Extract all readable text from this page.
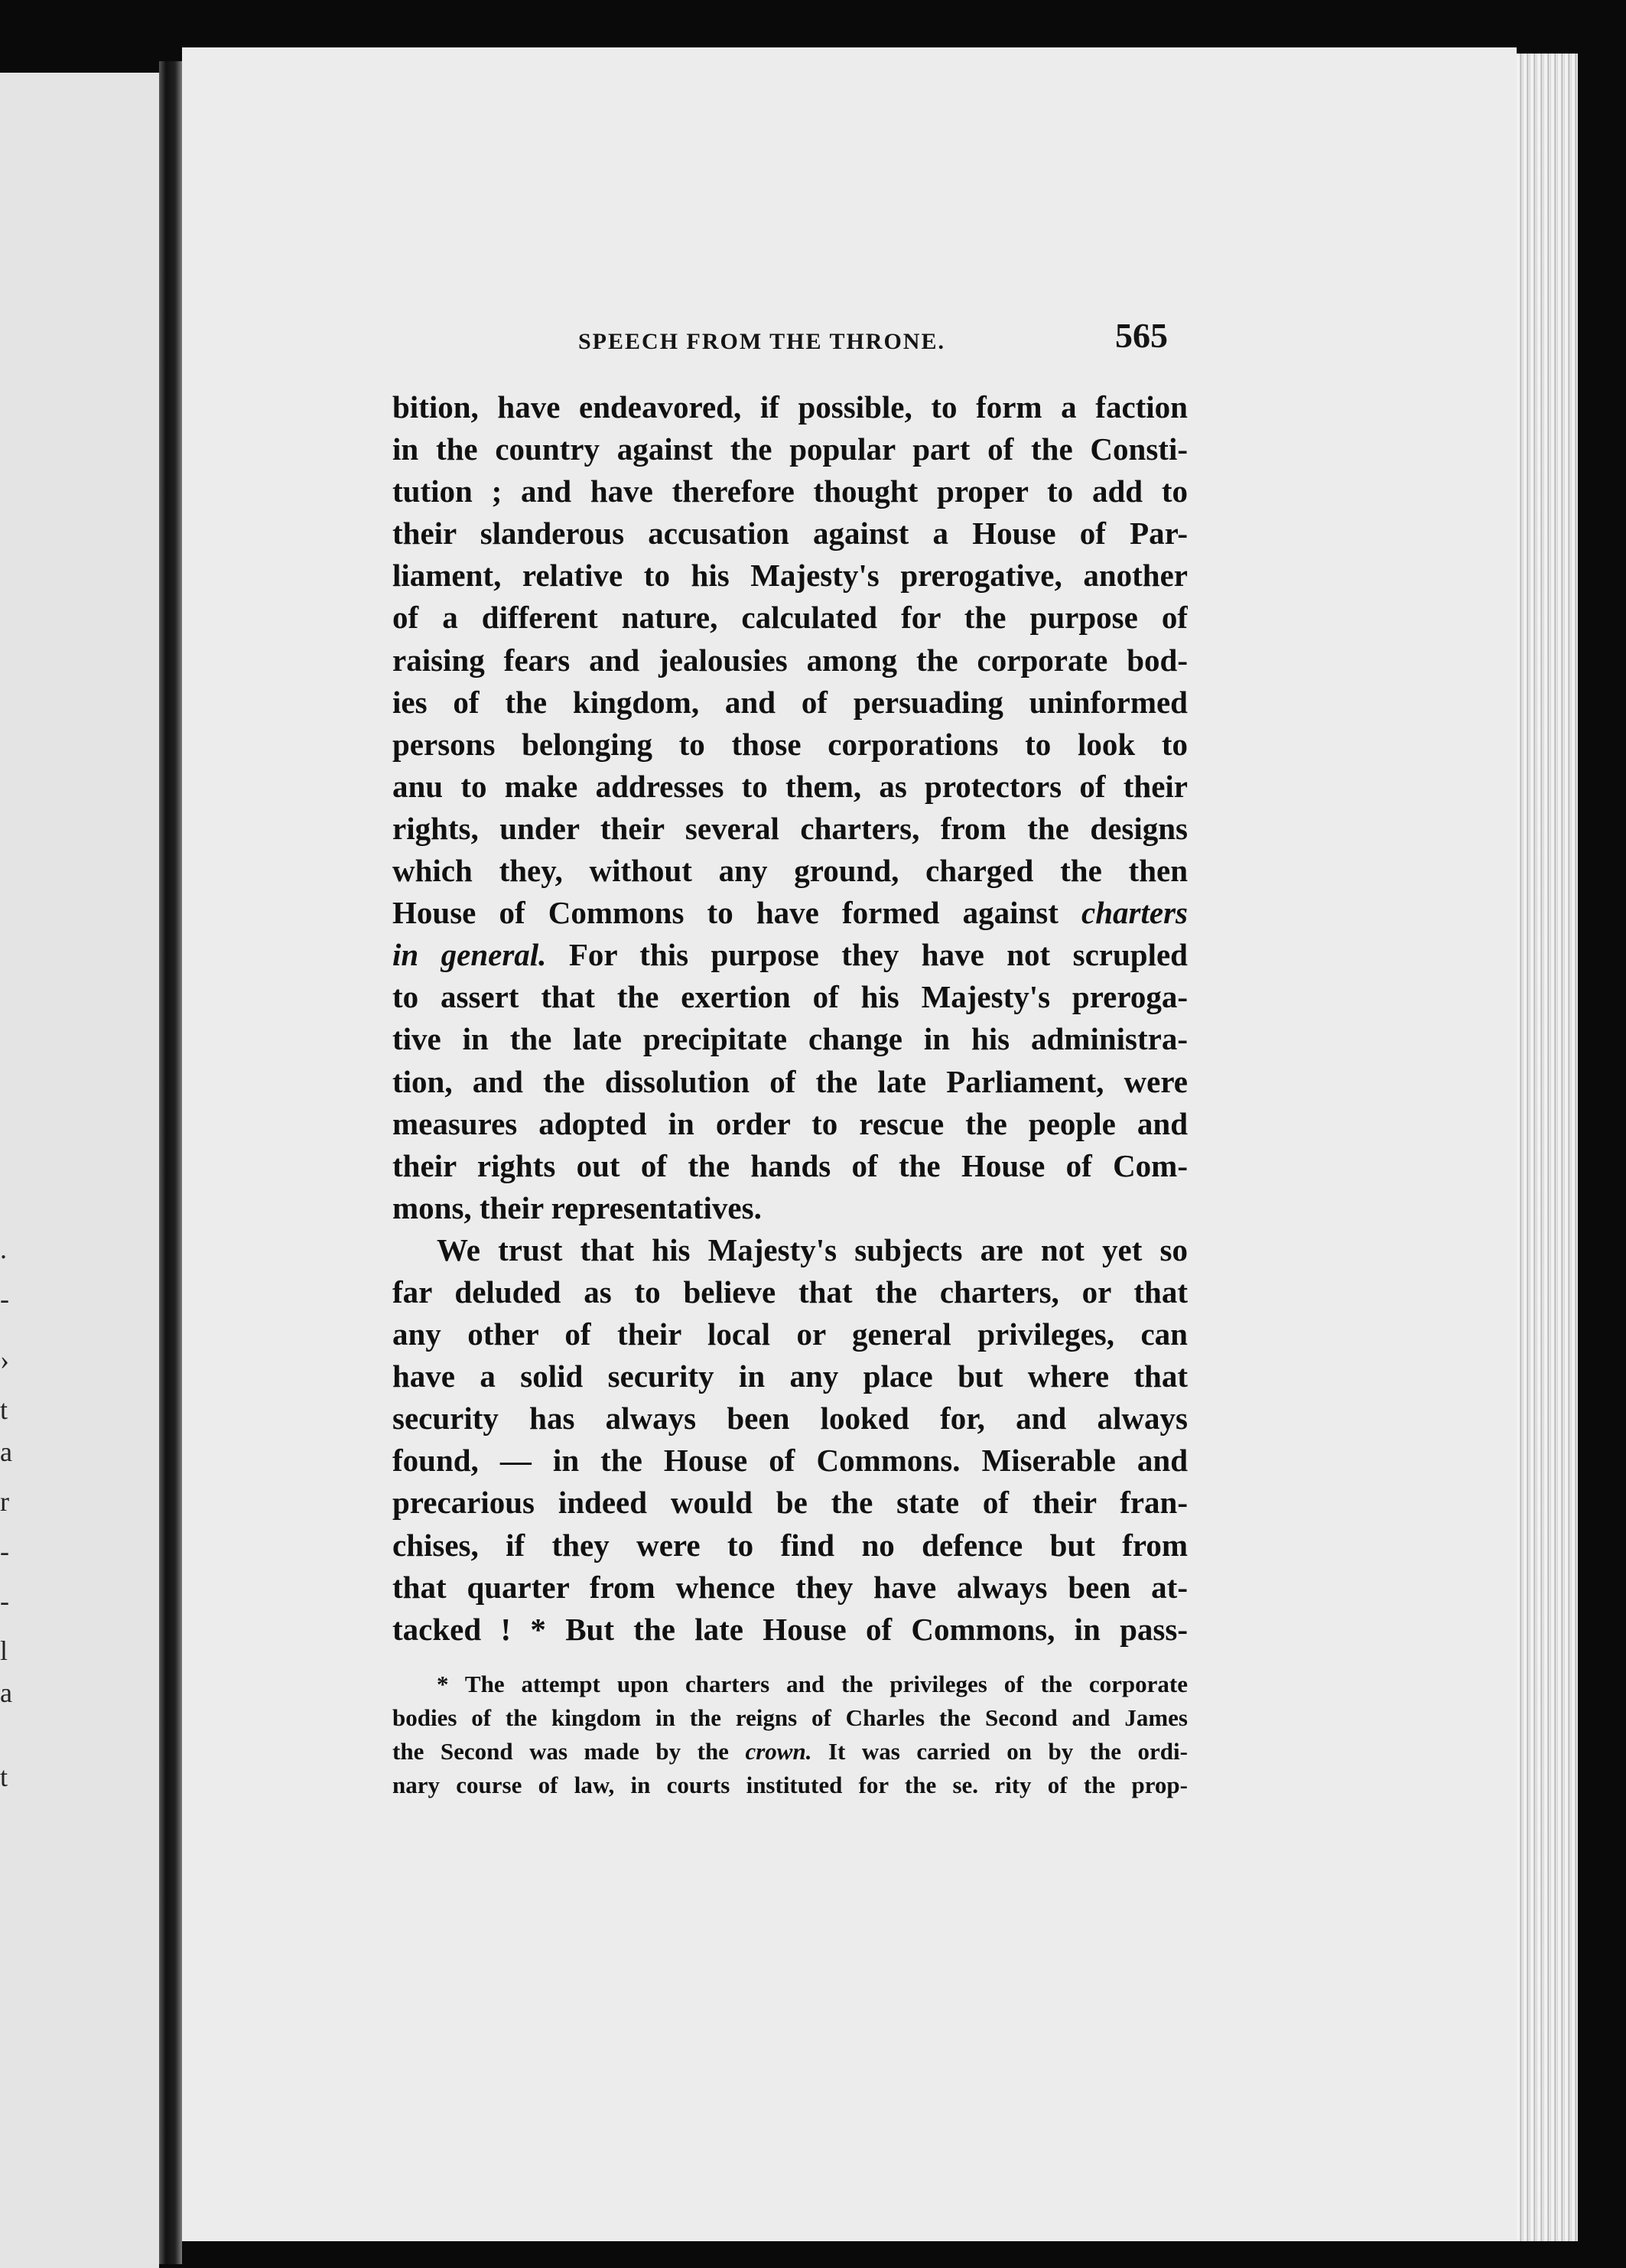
.
-
›
t
a
r
-
-
l
a
t
SPEECH FROM THE THRONE.	565
bition, have endeavored, if possible, to form a faction
in the country against the popular part of the Consti-
tution ; and have therefore thought proper to add to
their slanderous accusation against a House of Par-
liament, relative to his Majesty's prerogative, another
of a different nature, calculated for the purpose of
raising fears and jealousies among the corporate bod-
ies of the kingdom, and of persuading uninformed
persons belonging to those corporations to look to
anu to make addresses to them, as protectors of their
rights, under their several charters, from the designs
which they, without any ground, charged the then
House of Commons to have formed against charters
in general. For this purpose they have not scrupled
to assert that the exertion of his Majesty's preroga-
tive in the late precipitate change in his administra-
tion, and the dissolution of the late Parliament, were
measures adopted in order to rescue the people and
their rights out of the hands of the House of Com-
mons, their representatives.
We trust that his Majesty's subjects are not yet so
far deluded as to believe that the charters, or that
any other of their local or general privileges, can
have a solid security in any place but where that
security has always been looked for, and always
found, — in the House of Commons. Miserable and
precarious indeed would be the state of their fran-
chises, if they were to find no defence but from
that quarter from whence they have always been at-
tacked ! * But the late House of Commons, in pass-
* The attempt upon charters and the privileges of the corporate
bodies of the kingdom in the reigns of Charles the Second and James
the Second was made by the crown. It was carried on by the ordi-
nary course of law, in courts instituted for the se. rity of the prop-
